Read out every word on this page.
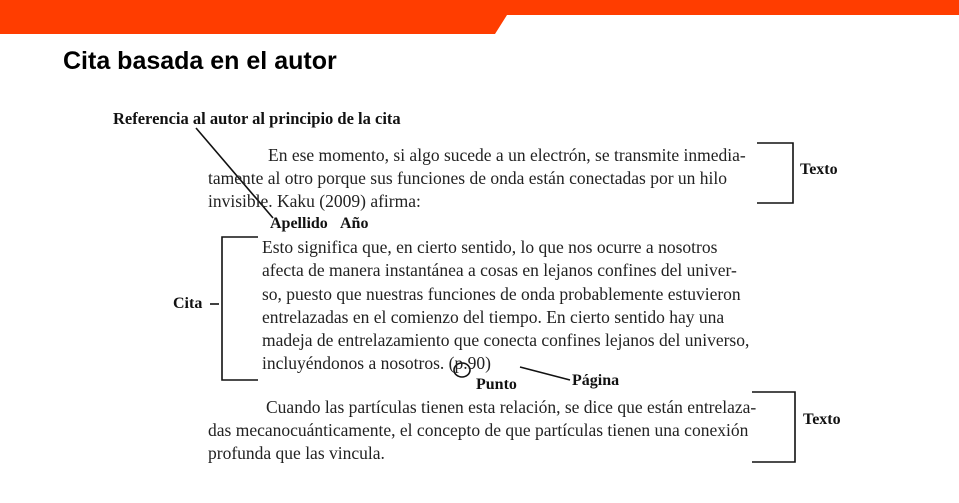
Cita basada en el autor
Referencia al autor al principio de la cita
En ese momento, si algo sucede a un electrón, se transmite inmedia-
tamente al otro porque sus funciones de onda están conectadas por un hilo
invisible. Kaku (2009) afirma:
Apellido Año
Esto significa que, en cierto sentido, lo que nos ocurre a nosotros
afecta de manera instantánea a cosas en lejanos confines del univer-
so, puesto que nuestras funciones de onda probablemente estuvieron
entrelazadas en el comienzo del tiempo. En cierto sentido hay una
madeja de entrelazamiento que conecta confines lejanos del universo,
incluyéndonos a nosotros. (p.90)
Cita
Punto	Página
Texto
Texto
Cuando las partículas tienen esta relación, se dice que están entrelaza-
das mecanocuánticamente, el concepto de que partículas tienen una conexión
profunda que las vincula.
